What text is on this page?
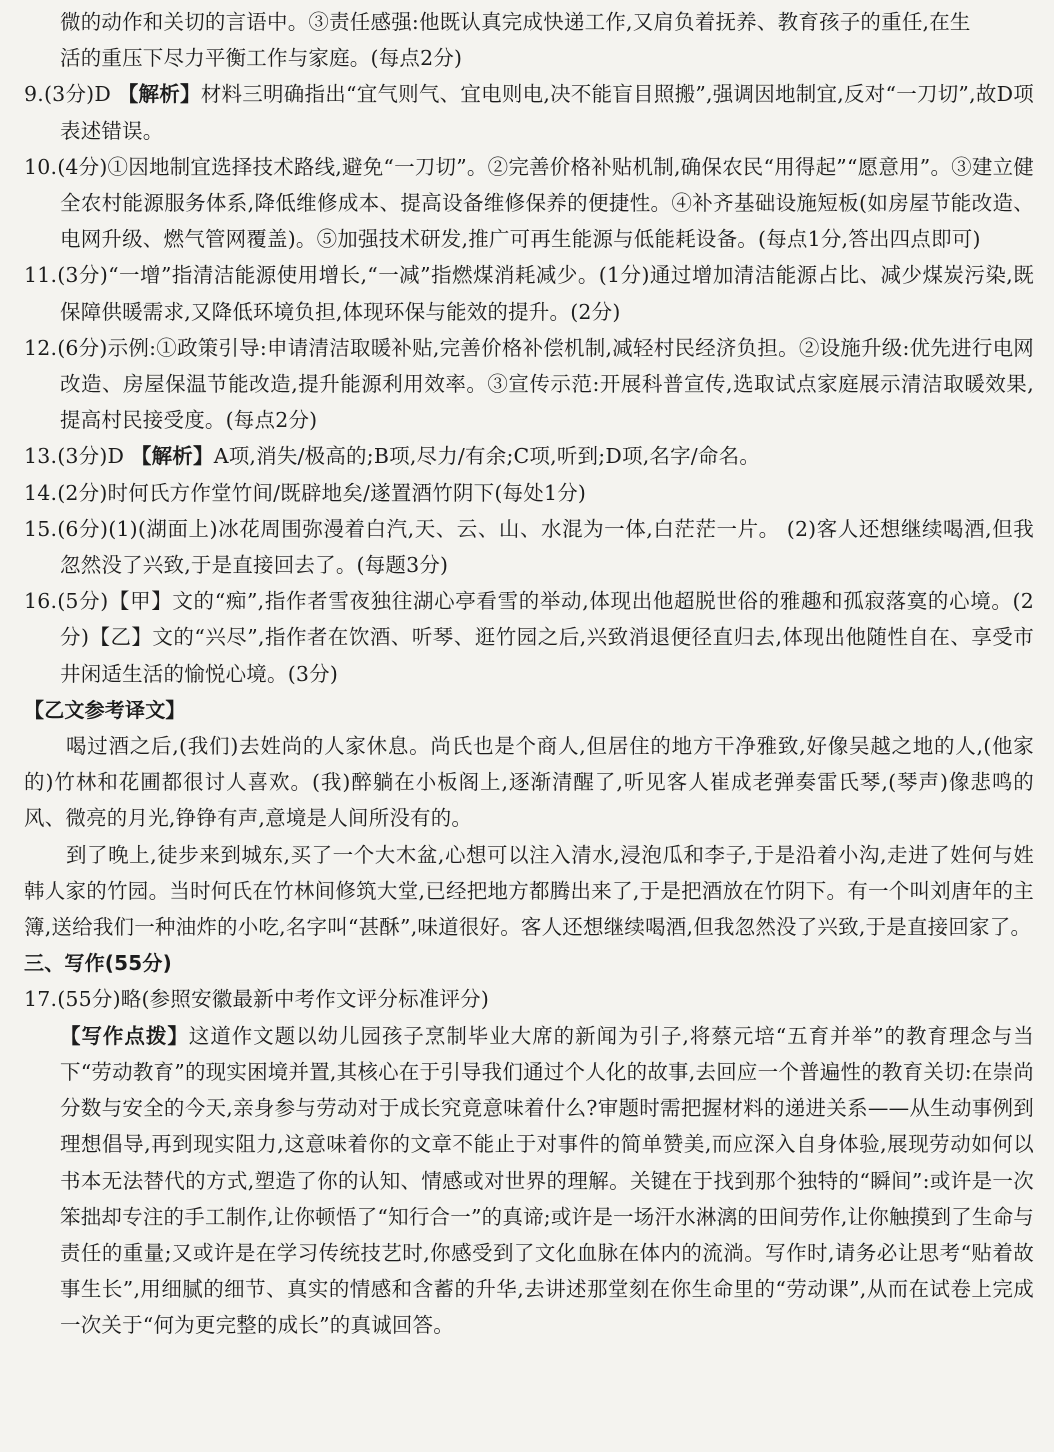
微的动作和关切的言语中。③责任感强:他既认真完成快递工作,又肩负着抚养、教育孩子的重任,在生

活的重压下尽力平衡工作与家庭。(每点2分)

9.(3分)D 【解析】材料三明确指出“宜气则气、宜电则电,决不能盲目照搬”,强调因地制宜,反对“一刀切”,故D项表述错误。

10.(4分)①因地制宜选择技术路线,避免“一刀切”。②完善价格补贴机制,确保农民“用得起”“愿意用”。③建立健全农村能源服务体系,降低维修成本、提高设备维修保养的便捷性。④补齐基础设施短板(如房屋节能改造、电网升级、燃气管网覆盖)。⑤加强技术研发,推广可再生能源与低能耗设备。(每点1分,答出四点即可)

11.(3分)“一增”指清洁能源使用增长,“一减”指燃煤消耗减少。(1分)通过增加清洁能源占比、减少煤炭污染,既保障供暖需求,又降低环境负担,体现环保与能效的提升。(2分)

12.(6分)示例:①政策引导:申请清洁取暖补贴,完善价格补偿机制,减轻村民经济负担。②设施升级:优先进行电网改造、房屋保温节能改造,提升能源利用效率。③宣传示范:开展科普宣传,选取试点家庭展示清洁取暖效果,提高村民接受度。(每点2分)

13.(3分)D 【解析】A项,消失/极高的;B项,尽力/有余;C项,听到;D项,名字/命名。

14.(2分)时何氏方作堂竹间/既辟地矣/遂置酒竹阴下(每处1分)

15.(6分)(1)(湖面上)冰花周围弥漫着白汽,天、云、山、水混为一体,白茫茫一片。 (2)客人还想继续喝酒,但我忽然没了兴致,于是直接回去了。(每题3分)

16.(5分)【甲】文的“痴”,指作者雪夜独往湖心亭看雪的举动,体现出他超脱世俗的雅趣和孤寂落寞的心境。(2分)【乙】文的“兴尽”,指作者在饮酒、听琴、逛竹园之后,兴致消退便径直归去,体现出他随性自在、享受市井闲适生活的愉悦心境。(3分)

【乙文参考译文】

喝过酒之后,(我们)去姓尚的人家休息。尚氏也是个商人,但居住的地方干净雅致,好像吴越之地的人,(他家的)竹林和花圃都很讨人喜欢。(我)醉躺在小板阁上,逐渐清醒了,听见客人崔成老弹奏雷氏琴,(琴声)像悲鸣的风、微亮的月光,铮铮有声,意境是人间所没有的。

到了晚上,徒步来到城东,买了一个大木盆,心想可以注入清水,浸泡瓜和李子,于是沿着小沟,走进了姓何与姓韩人家的竹园。当时何氏在竹林间修筑大堂,已经把地方都腾出来了,于是把酒放在竹阴下。有一个叫刘唐年的主簿,送给我们一种油炸的小吃,名字叫“甚酥”,味道很好。客人还想继续喝酒,但我忽然没了兴致,于是直接回家了。

三、写作(55分)

17.(55分)略(参照安徽最新中考作文评分标准评分)

【写作点拨】这道作文题以幼儿园孩子烹制毕业大席的新闻为引子,将蔡元培“五育并举”的教育理念与当下“劳动教育”的现实困境并置,其核心在于引导我们通过个人化的故事,去回应一个普遍性的教育关切:在崇尚分数与安全的今天,亲身参与劳动对于成长究竟意味着什么?审题时需把握材料的递进关系——从生动事例到理想倡导,再到现实阻力,这意味着你的文章不能止于对事件的简单赞美,而应深入自身体验,展现劳动如何以书本无法替代的方式,塑造了你的认知、情感或对世界的理解。关键在于找到那个独特的“瞬间”:或许是一次笨拙却专注的手工制作,让你顿悟了“知行合一”的真谛;或许是一场汗水淋漓的田间劳作,让你触摸到了生命与责任的重量;又或许是在学习传统技艺时,你感受到了文化血脉在体内的流淌。写作时,请务必让思考“贴着故事生长”,用细腻的细节、真实的情感和含蓄的升华,去讲述那堂刻在你生命里的“劳动课”,从而在试卷上完成一次关于“何为更完整的成长”的真诚回答。
